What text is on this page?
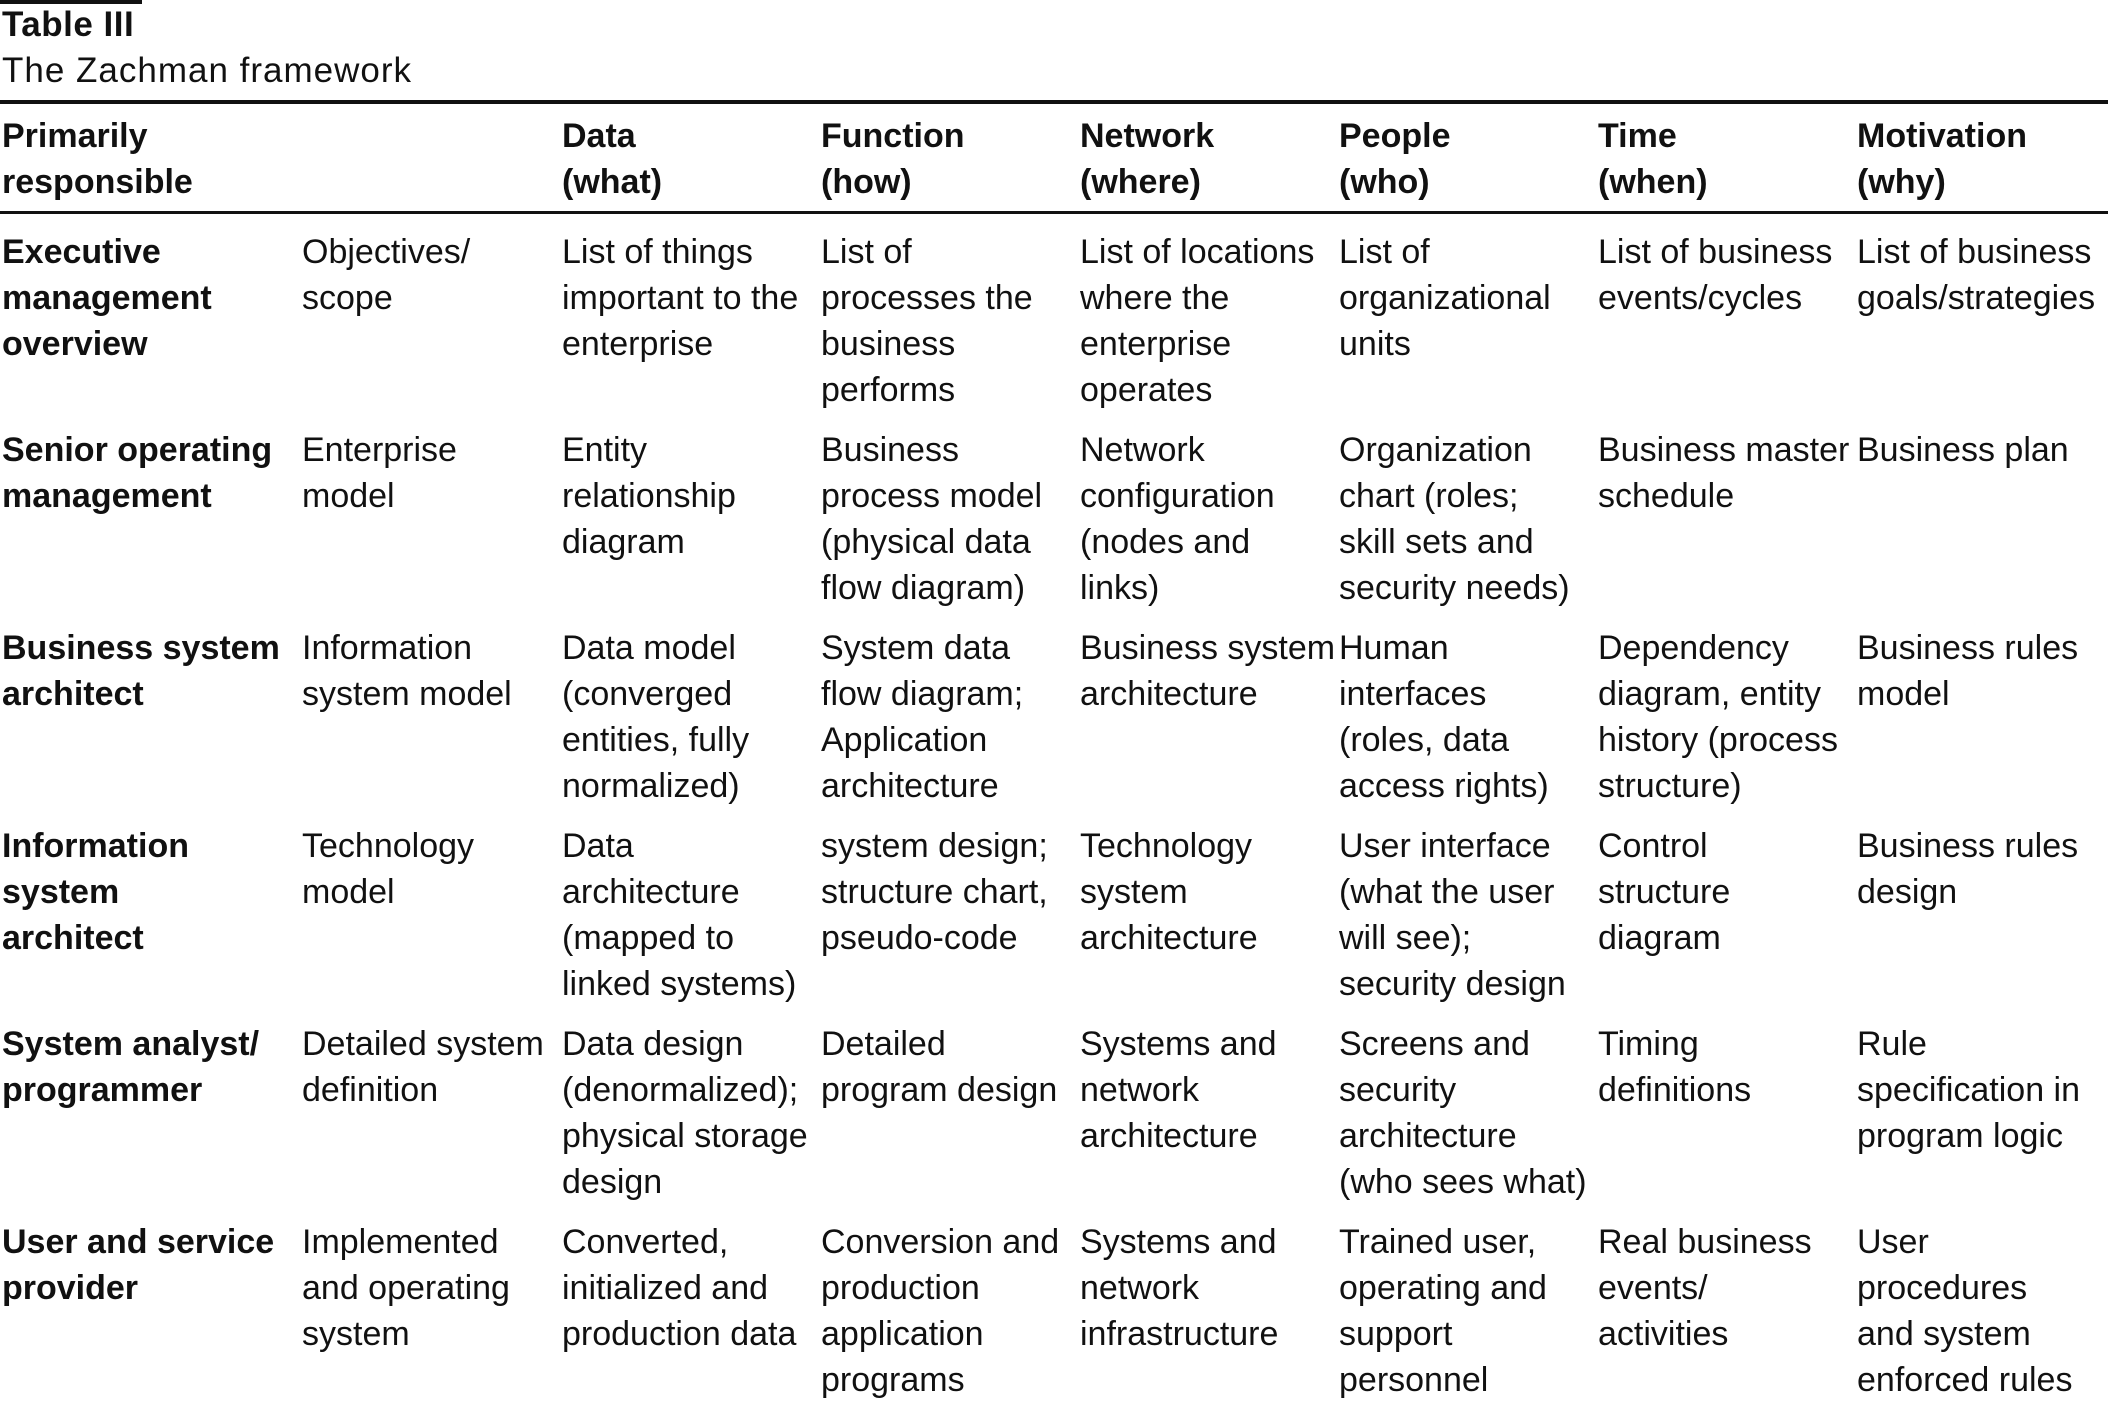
Table III
The Zachman framework
Primarily
responsible		Data
(what)	Function
(how)	Network
(where)	People
(who)	Time
(when)	Motivation
(why)

Executive
management
overview	Objectives/
scope	List of things
important to the
enterprise	List of
processes the
business
performs	List of locations
where the
enterprise
operates	List of
organizational
units	List of business
events/cycles	List of business
goals/strategies

Senior operating
management	Enterprise
model	Entity
relationship
diagram	Business
process model
(physical data
flow diagram)	Network
configuration
(nodes and
links)	Organization
chart (roles;
skill sets and
security needs)	Business master
schedule	Business plan

Business system
architect	Information
system model	Data model
(converged
entities, fully
normalized)	System data
flow diagram;
Application
architecture	Business system
architecture	Human
interfaces
(roles, data
access rights)	Dependency
diagram, entity
history (process
structure)	Business rules
model

Information system
architect	Technology
model	Data
architecture
(mapped to
linked systems)	system design;
structure chart,
pseudo-code	Technology
system
architecture	User interface
(what the user
will see);
security design	Control
structure
diagram	Business rules
design

System analyst/
programmer	Detailed system
definition	Data design
(denormalized);
physical storage
design	Detailed
program design	Systems and
network
architecture	Screens and
security
architecture
(who sees what)	Timing
definitions	Rule
specification in
program logic

User and service
provider	Implemented
and operating
system	Converted,
initialized and
production data	Conversion and
production
application
programs	Systems and
network
infrastructure	Trained user,
operating and
support
personnel	Real business
events/
activities	User procedures
and system
enforced rules
